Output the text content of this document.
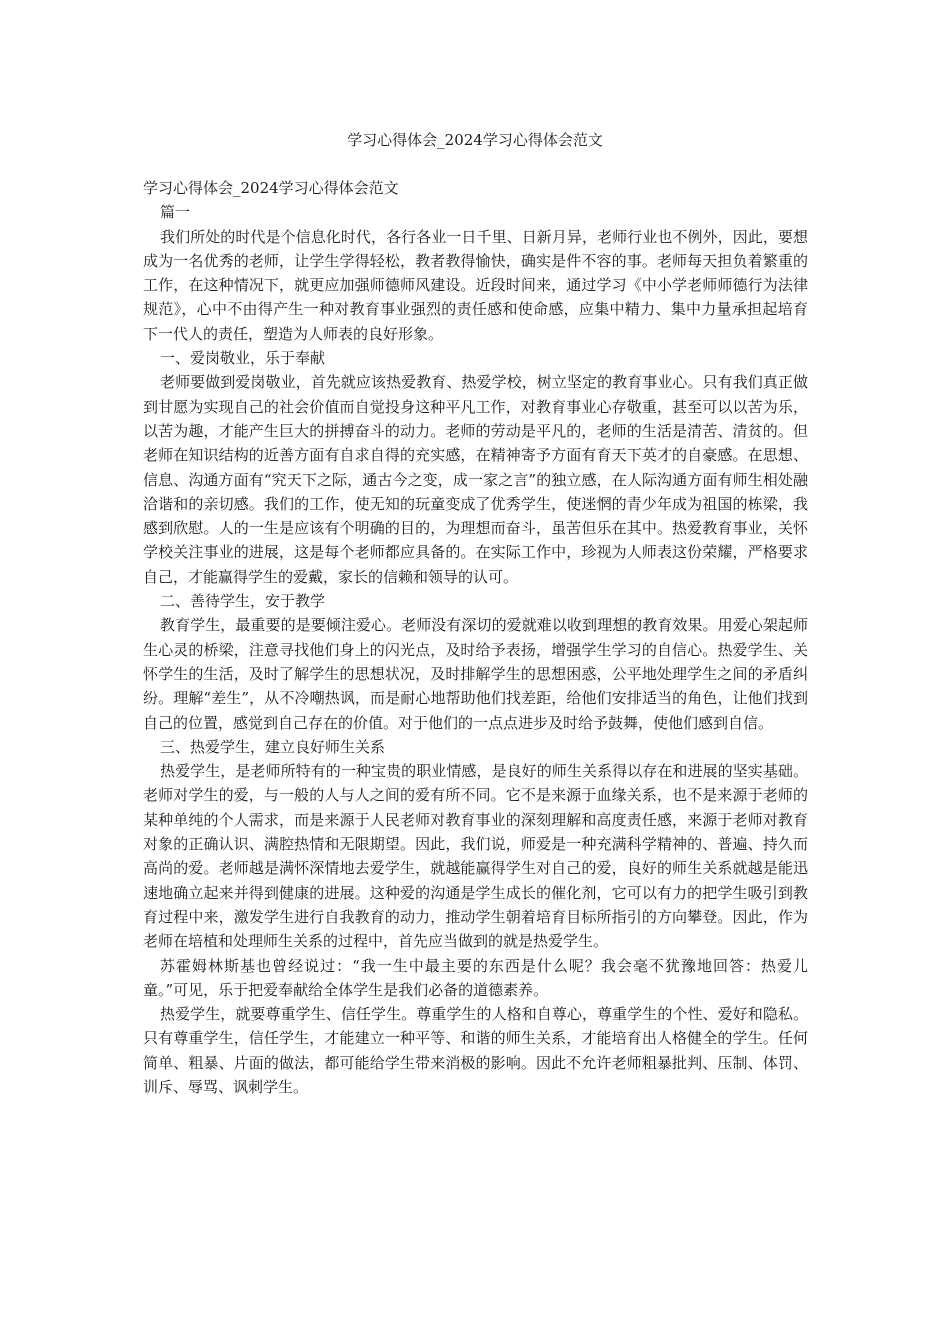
学习心得体会_2024学习心得体会范文

学习心得体会_2024学习心得体会范文

篇一

我们所处的时代是个信息化时代，各行各业一日千里、日新月异，老师行业也不例外，因此，要想成为一名优秀的老师，让学生学得轻松，教者教得愉快，确实是件不容的事。老师每天担负着繁重的工作，在这种情况下，就更应加强师德师风建设。近段时间来，通过学习《中小学老师师德行为法律规范》，心中不由得产生一种对教育事业强烈的责任感和使命感，应集中精力、集中力量承担起培育下一代人的责任，塑造为人师表的良好形象。

一、爱岗敬业，乐于奉献

老师要做到爱岗敬业，首先就应该热爱教育、热爱学校，树立坚定的教育事业心。只有我们真正做到甘愿为实现自己的社会价值而自觉投身这种平凡工作，对教育事业心存敬重，甚至可以以苦为乐，以苦为趣，才能产生巨大的拼搏奋斗的动力。老师的劳动是平凡的，老师的生活是清苦、清贫的。但老师在知识结构的近善方面有自求自得的充实感，在精神寄予方面有育天下英才的自豪感。在思想、信息、沟通方面有“究天下之际，通古今之变，成一家之言”的独立感，在人际沟通方面有师生相处融洽谐和的亲切感。我们的工作，使无知的玩童变成了优秀学生，使迷惘的青少年成为祖国的栋梁，我感到欣慰。人的一生是应该有个明确的目的，为理想而奋斗，虽苦但乐在其中。热爱教育事业，关怀学校关注事业的进展，这是每个老师都应具备的。在实际工作中，珍视为人师表这份荣耀，严格要求自己，才能赢得学生的爱戴，家长的信赖和领导的认可。

二、善待学生，安于教学

教育学生，最重要的是要倾注爱心。老师没有深切的爱就难以收到理想的教育效果。用爱心架起师生心灵的桥梁，注意寻找他们身上的闪光点，及时给予表扬，增强学生学习的自信心。热爱学生、关怀学生的生活，及时了解学生的思想状况，及时排解学生的思想困惑，公平地处理学生之间的矛盾纠纷。理解“差生”，从不冷嘲热讽，而是耐心地帮助他们找差距，给他们安排适当的角色，让他们找到自己的位置，感觉到自己存在的价值。对于他们的一点点进步及时给予鼓舞，使他们感到自信。

三、热爱学生，建立良好师生关系

热爱学生，是老师所特有的一种宝贵的职业情感，是良好的师生关系得以存在和进展的坚实基础。老师对学生的爱，与一般的人与人之间的爱有所不同。它不是来源于血缘关系，也不是来源于老师的某种单纯的个人需求，而是来源于人民老师对教育事业的深刻理解和高度责任感，来源于老师对教育对象的正确认识、满腔热情和无限期望。因此，我们说，师爱是一种充满科学精神的、普遍、持久而高尚的爱。老师越是满怀深情地去爱学生，就越能赢得学生对自己的爱，良好的师生关系就越是能迅速地确立起来并得到健康的进展。这种爱的沟通是学生成长的催化剂，它可以有力的把学生吸引到教育过程中来，激发学生进行自我教育的动力，推动学生朝着培育目标所指引的方向攀登。因此，作为老师在培植和处理师生关系的过程中，首先应当做到的就是热爱学生。

苏霍姆林斯基也曾经说过：“我一生中最主要的东西是什么呢？我会毫不犹豫地回答：热爱儿童。”可见，乐于把爱奉献给全体学生是我们必备的道德素养。

热爱学生，就要尊重学生、信任学生。尊重学生的人格和自尊心，尊重学生的个性、爱好和隐私。只有尊重学生，信任学生，才能建立一种平等、和谐的师生关系，才能培育出人格健全的学生。任何简单、粗暴、片面的做法，都可能给学生带来消极的影响。因此不允许老师粗暴批判、压制、体罚、训斥、辱骂、讽刺学生。
